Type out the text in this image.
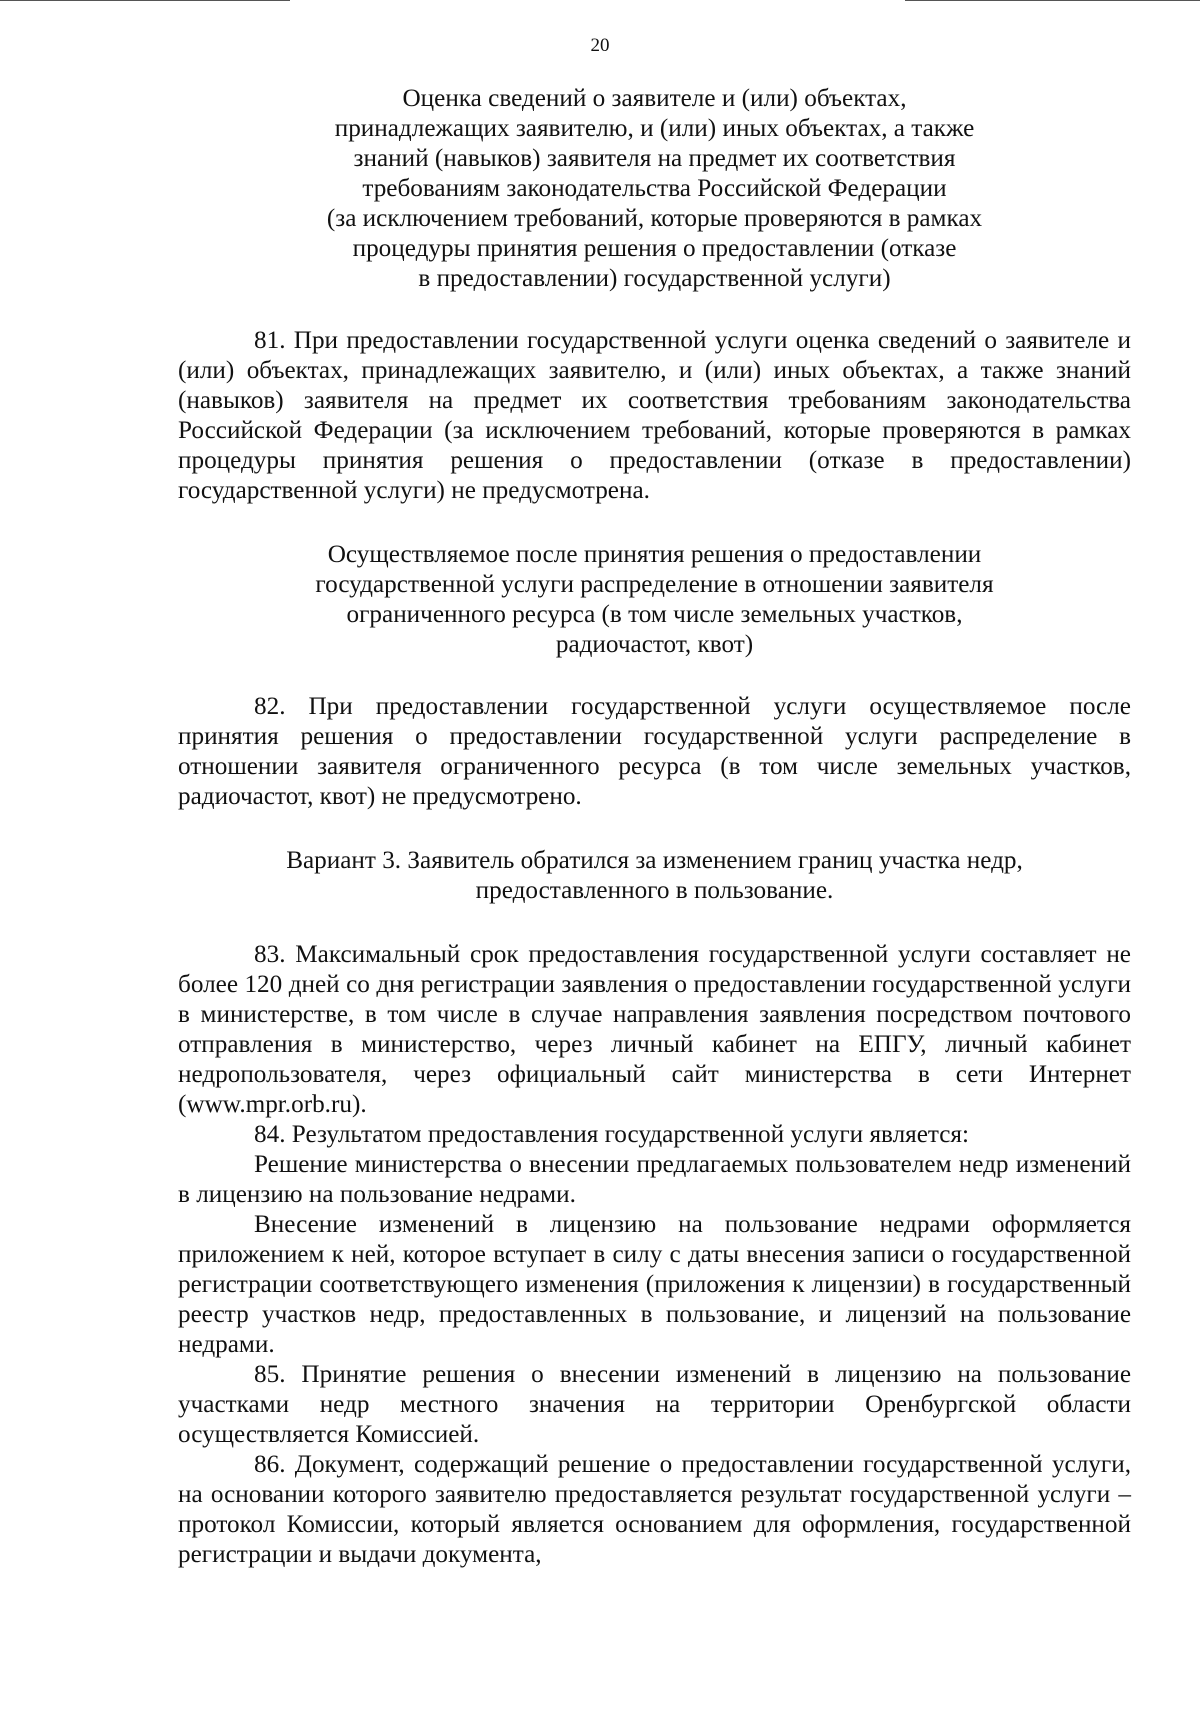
20
Оценка сведений о заявителе и (или) объектах,
принадлежащих заявителю, и (или) иных объектах, а также
знаний (навыков) заявителя на предмет их соответствия
требованиям законодательства Российской Федерации
(за исключением требований, которые проверяются в рамках
процедуры принятия решения о предоставлении (отказе
в предоставлении) государственной услуги)
81. При предоставлении государственной услуги оценка сведений о заявителе и (или) объектах, принадлежащих заявителю, и (или) иных объектах, а также знаний (навыков) заявителя на предмет их соответствия требованиям законодательства Российской Федерации (за исключением требований, которые проверяются в рамках процедуры принятия решения о предоставлении (отказе в предоставлении) государственной услуги) не предусмотрена.
Осуществляемое после принятия решения о предоставлении
государственной услуги распределение в отношении заявителя
ограниченного ресурса (в том числе земельных участков,
радиочастот, квот)
82. При предоставлении государственной услуги осуществляемое после принятия решения о предоставлении государственной услуги распределение в отношении заявителя ограниченного ресурса (в том числе земельных участков, радиочастот, квот) не предусмотрено.
Вариант 3. Заявитель обратился за изменением границ участка недр,
предоставленного в пользование.
83. Максимальный срок предоставления государственной услуги составляет не более 120 дней со дня регистрации заявления о предоставлении государственной услуги в министерстве, в том числе в случае направления заявления посредством почтового отправления в министерство, через личный кабинет на ЕПГУ, личный кабинет недропользователя, через официальный сайт министерства в сети Интернет (www.mpr.orb.ru).
84. Результатом предоставления государственной услуги является:
Решение министерства о внесении предлагаемых пользователем недр изменений в лицензию на пользование недрами.
Внесение изменений в лицензию на пользование недрами оформляется приложением к ней, которое вступает в силу с даты внесения записи о государственной регистрации соответствующего изменения (приложения к лицензии) в государственный реестр участков недр, предоставленных в пользование, и лицензий на пользование недрами.
85. Принятие решения о внесении изменений в лицензию на пользование участками недр местного значения на территории Оренбургской области осуществляется Комиссией.
86. Документ, содержащий решение о предоставлении государственной услуги, на основании которого заявителю предоставляется результат государственной услуги – протокол Комиссии, который является основанием для оформления, государственной регистрации и выдачи документа,
